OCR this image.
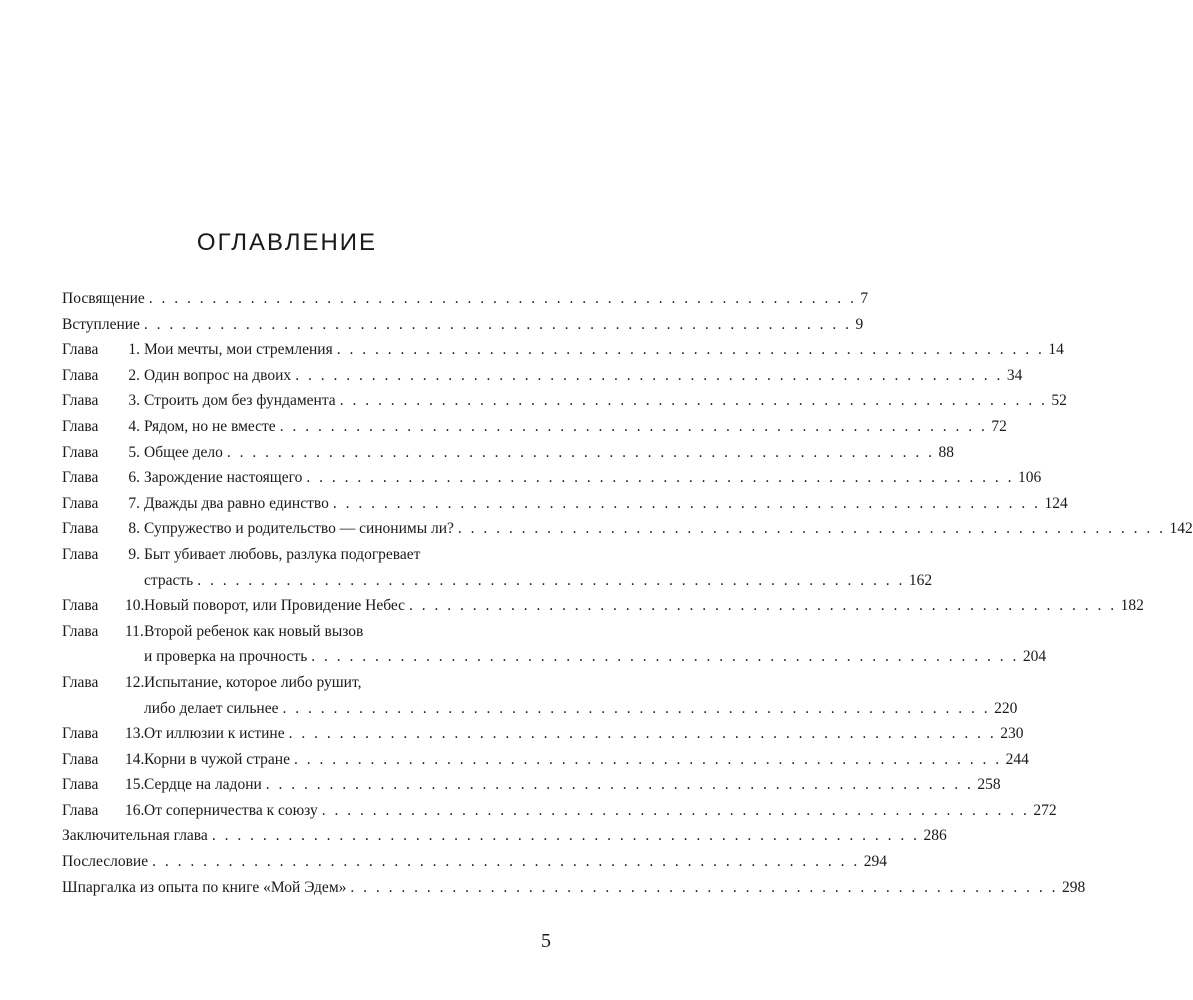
ОГЛАВЛЕНИЕ
Посвящение . . . . . . . . . . . . . . . . . . . . . . . . . . . . . . . . . . . . . . . . . . . . . . . . . . . . . . . . 7
Вступление . . . . . . . . . . . . . . . . . . . . . . . . . . . . . . . . . . . . . . . . . . . . . . . . . . . . . . . . 9
Глава	1. Мои мечты, мои стремления . . . . . . . . . . . . . . . . . . . . . . . . . . . . . . . . . . . . . . . . . . . . . . . . . . . . . . . . 14
Глава	2. Один вопрос на двоих . . . . . . . . . . . . . . . . . . . . . . . . . . . . . . . . . . . . . . . . . . . . . . . . . . . . . . . . 34
Глава	3. Строить дом без фундамента . . . . . . . . . . . . . . . . . . . . . . . . . . . . . . . . . . . . . . . . . . . . . . . . . . . . . . . . 52
Глава	4. Рядом, но не вместе . . . . . . . . . . . . . . . . . . . . . . . . . . . . . . . . . . . . . . . . . . . . . . . . . . . . . . . . 72
Глава	5. Общее дело . . . . . . . . . . . . . . . . . . . . . . . . . . . . . . . . . . . . . . . . . . . . . . . . . . . . . . . . 88
Глава	6. Зарождение настоящего . . . . . . . . . . . . . . . . . . . . . . . . . . . . . . . . . . . . . . . . . . . . . . . . . . . . . . . . 106
Глава	7. Дважды два равно единство . . . . . . . . . . . . . . . . . . . . . . . . . . . . . . . . . . . . . . . . . . . . . . . . . . . . . . . . 124
Глава	8. Супружество и родительство — синонимы ли? . . . . . . . . . . . . . . . . . . . . . . . . . . . . . . . . . . . . . . . . . . . . . . . . . . . . . . . . 142
Глава	9. Быт убивает любовь, разлука подогревает
страсть . . . . . . . . . . . . . . . . . . . . . . . . . . . . . . . . . . . . . . . . . . . . . . . . . . . . . . . . 162
Глава	10. Новый поворот, или Провидение Небес . . . . . . . . . . . . . . . . . . . . . . . . . . . . . . . . . . . . . . . . . . . . . . . . . . . . . . . . 182
Глава	11. Второй ребенок как новый вызов
и проверка на прочность . . . . . . . . . . . . . . . . . . . . . . . . . . . . . . . . . . . . . . . . . . . . . . . . . . . . . . . . 204
Глава	12. Испытание, которое либо рушит,
либо делает сильнее . . . . . . . . . . . . . . . . . . . . . . . . . . . . . . . . . . . . . . . . . . . . . . . . . . . . . . . . 220
Глава	13. От иллюзии к истине . . . . . . . . . . . . . . . . . . . . . . . . . . . . . . . . . . . . . . . . . . . . . . . . . . . . . . . . 230
Глава	14. Корни в чужой стране . . . . . . . . . . . . . . . . . . . . . . . . . . . . . . . . . . . . . . . . . . . . . . . . . . . . . . . . 244
Глава	15. Сердце на ладони . . . . . . . . . . . . . . . . . . . . . . . . . . . . . . . . . . . . . . . . . . . . . . . . . . . . . . . . 258
Глава	16. От соперничества к союзу . . . . . . . . . . . . . . . . . . . . . . . . . . . . . . . . . . . . . . . . . . . . . . . . . . . . . . . . 272
Заключительная глава . . . . . . . . . . . . . . . . . . . . . . . . . . . . . . . . . . . . . . . . . . . . . . . . . . . . . . . . 286
Послесловие . . . . . . . . . . . . . . . . . . . . . . . . . . . . . . . . . . . . . . . . . . . . . . . . . . . . . . . . 294
Шпаргалка из опыта по книге «Мой Эдем» . . . . . . . . . . . . . . . . . . . . . . . . . . . . . . . . . . . . . . . . . . . . . . . . . . . . . . . . 298
5
